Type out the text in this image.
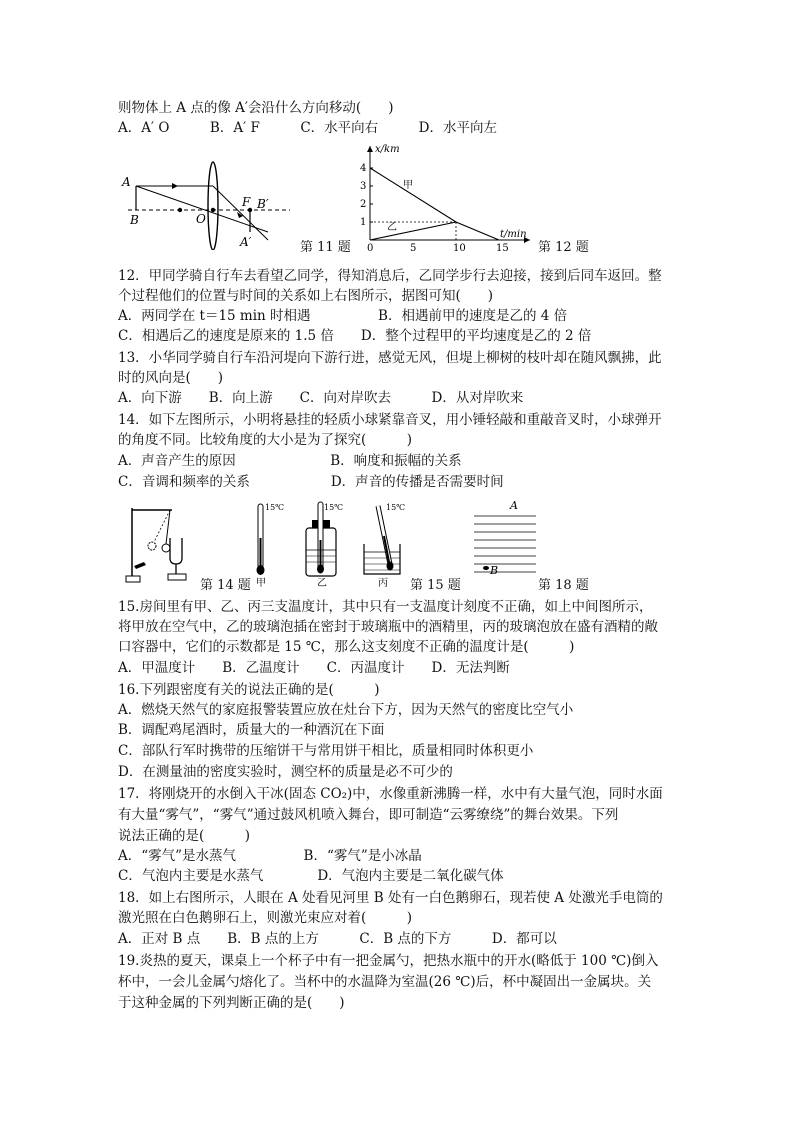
则物体上 A 点的像 A′会沿什么方向移动(　　)
A．A′ O　　　B．A′ F　　　C．水平向右　　　D．水平向左
A
B	O
F B′
A′	第 11 题
x/km
t/min
甲
乙
1
2
3
4
0	5	10	15 第 12 题
12．甲同学骑自行车去看望乙同学，得知消息后，乙同学步行去迎接，接到后同车返回。整
个过程他们的位置与时间的关系如上右图所示，据图可知(　　)
A．两同学在 t＝15 min 时相遇　　　　　B．相遇前甲的速度是乙的 4 倍
C．相遇后乙的速度是原来的 1.5 倍　　D．整个过程甲的平均速度是乙的 2 倍
13．小华同学骑自行车沿河堤向下游行进，感觉无风，但堤上柳树的枝叶却在随风飘拂，此
时的风向是(　　)
A．向下游　　B．向上游　　C．向对岸吹去　　　D．从对岸吹来
14．如下左图所示，小明将悬挂的轻质小球紧靠音叉，用小锤轻敲和重敲音叉时，小球弹开
的角度不同。比较角度的大小是为了探究(　　　)
A．声音产生的原因　　　　　　　B．响度和振幅的关系
C．音调和频率的关系　　　　　　D．声音的传播是否需要时间
第 14 题
15℃
甲
15℃
乙
15℃
丙 第 15 题
A
B
第 18 题
15.房间里有甲、乙、丙三支温度计，其中只有一支温度计刻度不正确，如上中间图所示，
将甲放在空气中，乙的玻璃泡插在密封于玻璃瓶中的酒精里，丙的玻璃泡放在盛有酒精的敞
口容器中，它们的示数都是 15 ℃，那么这支刻度不正确的温度计是(　　　)
A．甲温度计　　B．乙温度计　　C．丙温度计　　D．无法判断
16.下列跟密度有关的说法正确的是(　　　)
A．燃烧天然气的家庭报警装置应放在灶台下方，因为天然气的密度比空气小
B．调配鸡尾酒时，质量大的一种酒沉在下面
C．部队行军时携带的压缩饼干与常用饼干相比，质量相同时体积更小
D．在测量油的密度实验时，测空杯的质量是必不可少的
17．将刚烧开的水倒入干冰(固态 CO₂)中，水像重新沸腾一样，水中有大量气泡，同时水面
有大量“雾气”，“雾气”通过鼓风机喷入舞台，即可制造“云雾缭绕”的舞台效果。下列
说法正确的是(　　　)
A．“雾气”是水蒸气　　　　　B．“雾气”是小冰晶
C．气泡内主要是水蒸气　　　　D．气泡内主要是二氧化碳气体
18．如上右图所示，人眼在 A 处看见河里 B 处有一白色鹅卵石，现若使 A 处激光手电筒的
激光照在白色鹅卵石上，则激光束应对着(　　　)
A．正对 B 点　　B．B 点的上方　　　C．B 点的下方　　　D．都可以
19.炎热的夏天，课桌上一个杯子中有一把金属勺，把热水瓶中的开水(略低于 100 ℃)倒入
杯中，一会儿金属勺熔化了。当杯中的水温降为室温(26 ℃)后，杯中凝固出一金属块。关
于这种金属的下列判断正确的是(　　)
